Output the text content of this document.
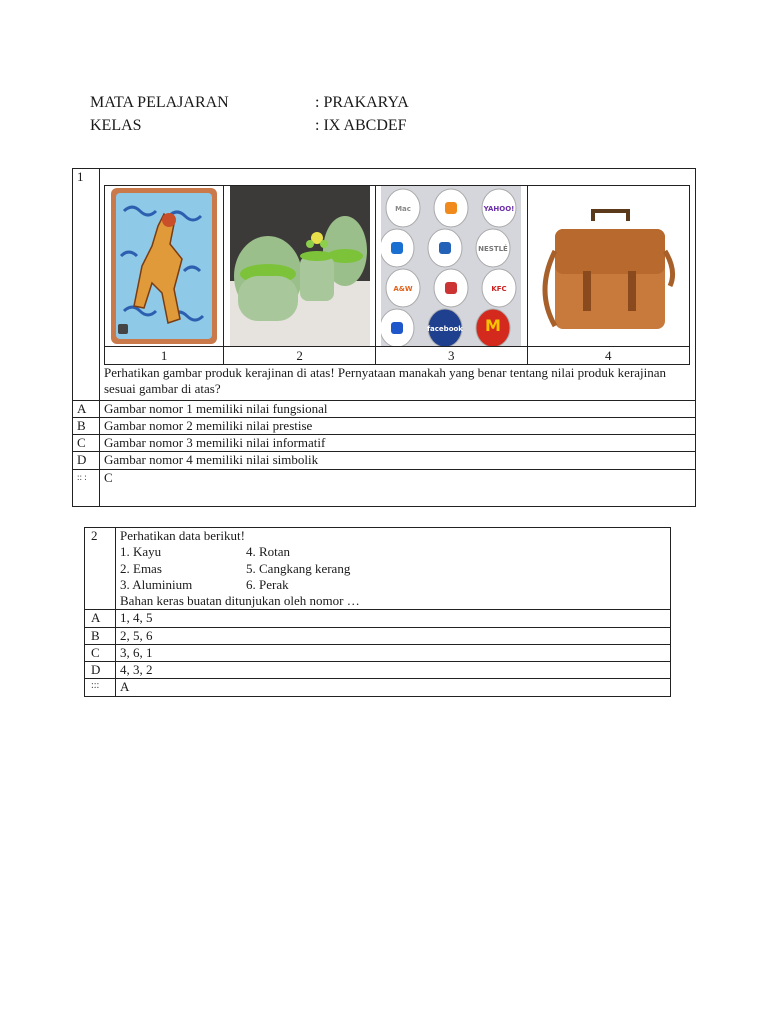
MATA PELAJARAN	: PRAKARYA
KELAS	: IX ABCDEF
1	

Mac	YAHOO!
NESTLÉ
A&W	KFC
facebook M

1	2	3	4
Perhatikan gambar produk kerajinan di atas! Pernyataan manakah yang benar tentang nilai produk kerajinan sesuai gambar di atas?

A	Gambar nomor 1 memiliki nilai fungsional
B	Gambar nomor 2 memiliki nilai prestise
C	Gambar nomor 3 memiliki nilai informatif
D	Gambar nomor 4 memiliki nilai simbolik
:: :	C
2	Perhatikan data berikut!
1. Kayu 4. Rotan
2. Emas 5. Cangkang kerang
3. Aluminium 6. Perak
Bahan keras buatan ditunjukan oleh nomor …

A	1, 4, 5
B	2, 5, 6
C	3, 6, 1
D	4, 3, 2
:::	A
